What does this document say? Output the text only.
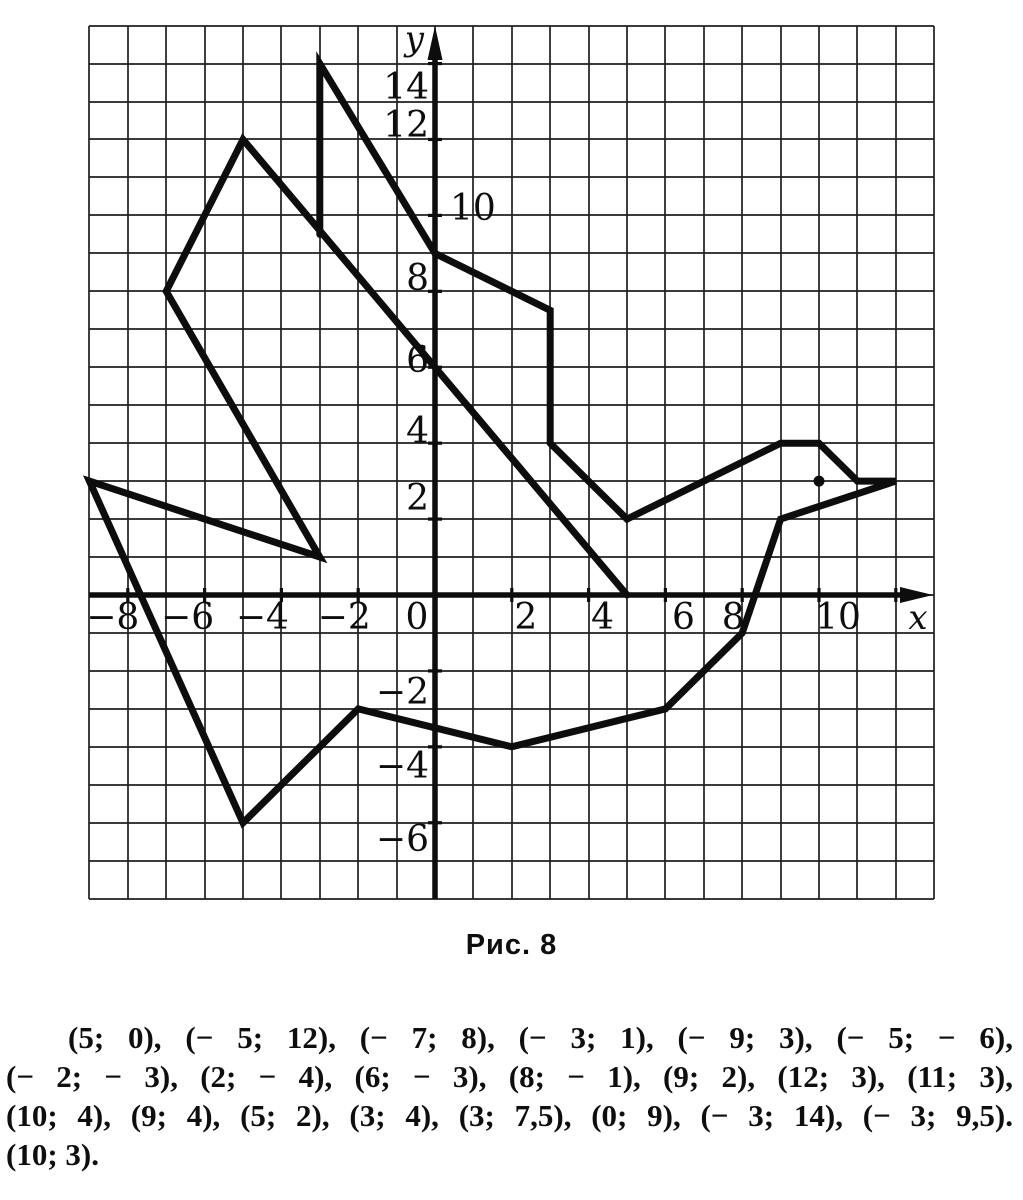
−8 −6 −4 −2 0 2 4 6 8 10
14
12
10
8
6
4
2
−2
−4
−6
y
x
Рис. 8
(5; 0), (− 5; 12), (− 7; 8), (− 3; 1), (− 9; 3), (− 5; − 6),
(− 2; − 3), (2; − 4), (6; − 3), (8; − 1), (9; 2), (12; 3), (11; 3),
(10; 4), (9; 4), (5; 2), (3; 4), (3; 7,5), (0; 9), (− 3; 14), (− 3; 9,5).
(10; 3).
